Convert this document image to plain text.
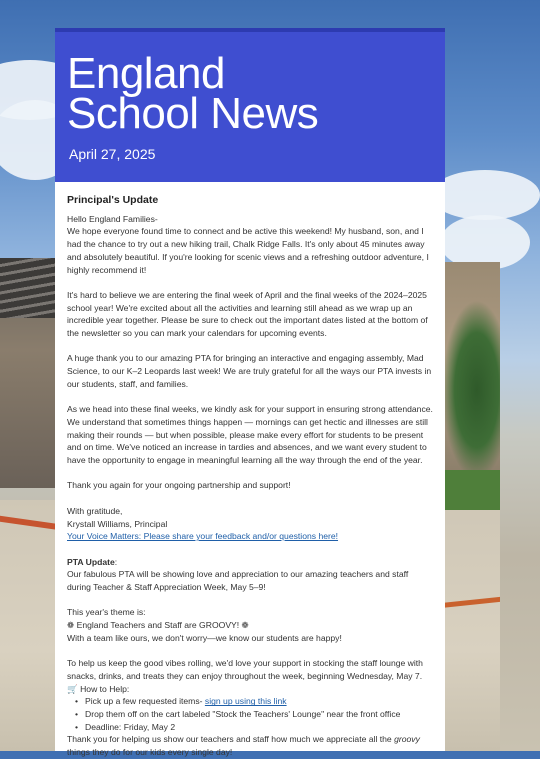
England
School News
April 27, 2025
Principal's Update
Hello England Families-
We hope everyone found time to connect and be active this weekend! My husband, son, and I had the chance to try out a new hiking trail, Chalk Ridge Falls. It's only about 45 minutes away and absolutely beautiful. If you're looking for scenic views and a refreshing outdoor adventure, I highly recommend it!
It's hard to believe we are entering the final week of April and the final weeks of the 2024–2025 school year! We're excited about all the activities and learning still ahead as we wrap up an incredible year together. Please be sure to check out the important dates listed at the bottom of the newsletter so you can mark your calendars for upcoming events.
A huge thank you to our amazing PTA for bringing an interactive and engaging assembly, Mad Science, to our K–2 Leopards last week! We are truly grateful for all the ways our PTA invests in our students, staff, and families.
As we head into these final weeks, we kindly ask for your support in ensuring strong attendance. We understand that sometimes things happen — mornings can get hectic and illnesses are still making their rounds — but when possible, please make every effort for students to be present and on time. We've noticed an increase in tardies and absences, and we want every student to have the opportunity to engage in meaningful learning all the way through the end of the year.
Thank you again for your ongoing partnership and support!
With gratitude,
Krystall Williams, Principal
Your Voice Matters: Please share your feedback and/or questions here!
PTA Update:
Our fabulous PTA will be showing love and appreciation to our amazing teachers and staff during Teacher & Staff Appreciation Week, May 5–9!
This year's theme is:
❁ England Teachers and Staff are GROOVY! ❁
With a team like ours, we don't worry—we know our students are happy!
To help us keep the good vibes rolling, we'd love your support in stocking the staff lounge with snacks, drinks, and treats they can enjoy throughout the week, beginning Wednesday, May 7.
🛒 How to Help:
• Pick up a few requested items- sign up using this link
• Drop them off on the cart labeled "Stock the Teachers' Lounge" near the front office
• Deadline: Friday, May 2
Thank you for helping us show our teachers and staff how much we appreciate all the groovy things they do for our kids every single day!
